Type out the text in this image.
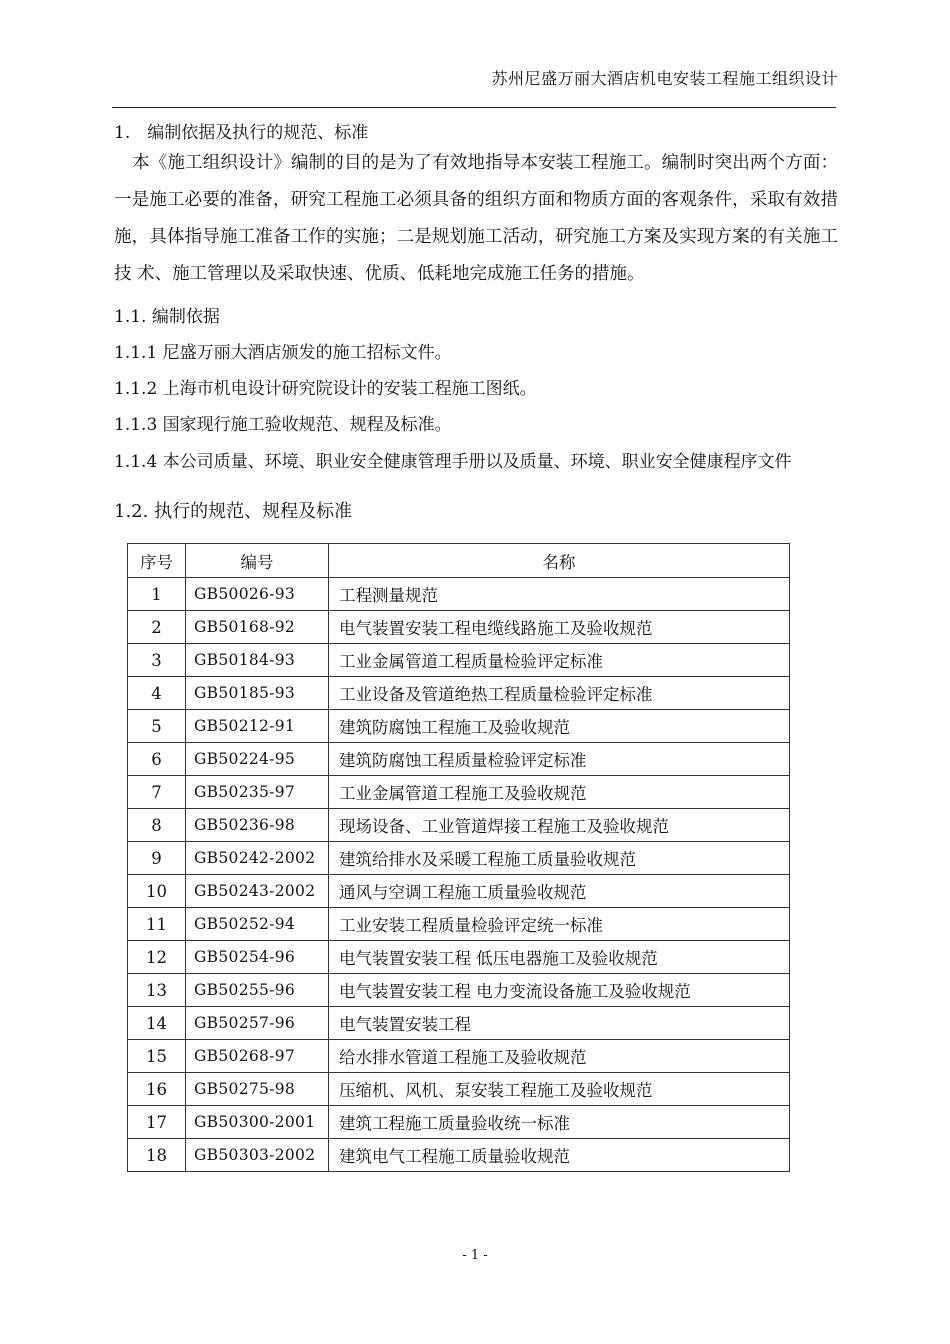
苏州尼盛万丽大酒店机电安装工程施工组织设计
1.　编制依据及执行的规范、标准
本《施工组织设计》编制的目的是为了有效地指导本安装工程施工。编制时突出两个方面：一是施工必要的准备，研究工程施工必须具备的组织方面和物质方面的客观条件，采取有效措施，具体指导施工准备工作的实施；二是规划施工活动，研究施工方案及实现方案的有关施工技 术、施工管理以及采取快速、优质、低耗地完成施工任务的措施。
1.1. 编制依据
1.1.1 尼盛万丽大酒店颁发的施工招标文件。
1.1.2 上海市机电设计研究院设计的安装工程施工图纸。
1.1.3 国家现行施工验收规范、规程及标准。
1.1.4 本公司质量、环境、职业安全健康管理手册以及质量、环境、职业安全健康程序文件
1.2. 执行的规范、规程及标准
序号	编号	名称
1	GB50026-93	工程测量规范
2	GB50168-92	电气装置安装工程电缆线路施工及验收规范
3	GB50184-93	工业金属管道工程质量检验评定标准
4	GB50185-93	工业设备及管道绝热工程质量检验评定标准
5	GB50212-91	建筑防腐蚀工程施工及验收规范
6	GB50224-95	建筑防腐蚀工程质量检验评定标准
7	GB50235-97	工业金属管道工程施工及验收规范
8	GB50236-98	现场设备、工业管道焊接工程施工及验收规范
9	GB50242-2002	建筑给排水及采暖工程施工质量验收规范
10	GB50243-2002	通风与空调工程施工质量验收规范
11	GB50252-94	工业安装工程质量检验评定统一标准
12	GB50254-96	电气装置安装工程 低压电器施工及验收规范
13	GB50255-96	电气装置安装工程 电力变流设备施工及验收规范
14	GB50257-96	电气装置安装工程
15	GB50268-97	给水排水管道工程施工及验收规范
16	GB50275-98	压缩机、风机、泵安装工程施工及验收规范
17	GB50300-2001	建筑工程施工质量验收统一标准
18	GB50303-2002	建筑电气工程施工质量验收规范
- 1 -
